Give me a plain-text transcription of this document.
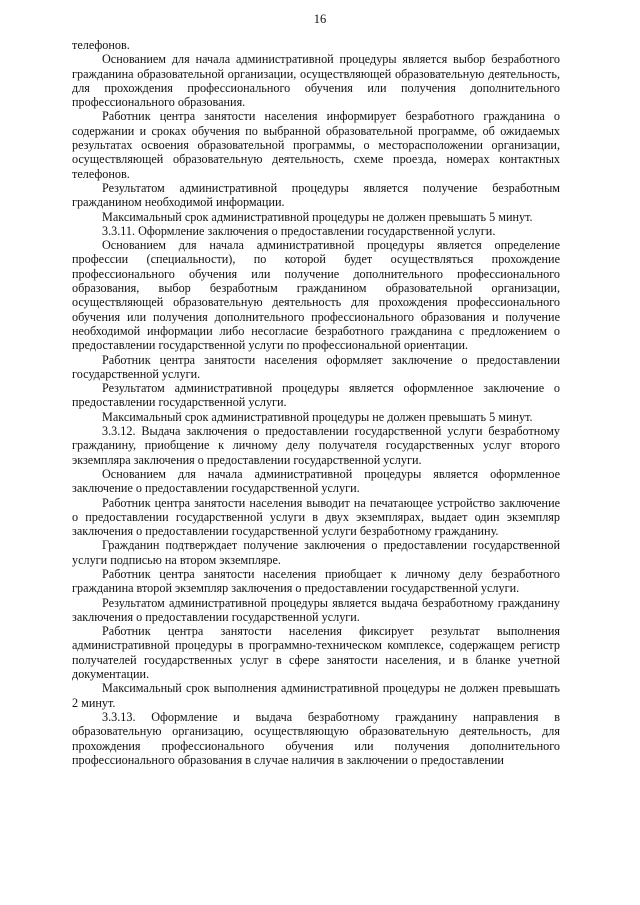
16

телефонов.

Основанием для начала административной процедуры является выбор безработного гражданина образовательной организации, осуществляющей образовательную деятельность, для прохождения профессионального обучения или получения дополнительного профессионального образования.

Работник центра занятости населения информирует безработного гражданина о содержании и сроках обучения по выбранной образовательной программе, об ожидаемых результатах освоения образовательной программы, о месторасположении организации, осуществляющей образовательную деятельность, схеме проезда, номерах контактных телефонов.

Результатом административной процедуры является получение безработным гражданином необходимой информации.

Максимальный срок административной процедуры не должен превышать 5 минут.

3.3.11. Оформление заключения о предоставлении государственной услуги.

Основанием для начала административной процедуры является определение профессии (специальности), по которой будет осуществляться прохождение профессионального обучения или получение дополнительного профессионального образования, выбор безработным гражданином образовательной организации, осуществляющей образовательную деятельность для прохождения профессионального обучения или получения дополнительного профессионального образования и получение необходимой информации либо несогласие безработного гражданина с предложением о предоставлении государственной услуги по профессиональной ориентации.

Работник центра занятости населения оформляет заключение о предоставлении государственной услуги.

Результатом административной процедуры является оформленное заключение о предоставлении государственной услуги.

Максимальный срок административной процедуры не должен превышать 5 минут.

3.3.12. Выдача заключения о предоставлении государственной услуги безработному гражданину, приобщение к личному делу получателя государственных услуг второго экземпляра заключения о предоставлении государственной услуги.

Основанием для начала административной процедуры является оформленное заключение о предоставлении государственной услуги.

Работник центра занятости населения выводит на печатающее устройство заключение о предоставлении государственной услуги в двух экземплярах, выдает один экземпляр заключения о предоставлении государственной услуги безработному гражданину.

Гражданин подтверждает получение заключения о предоставлении государственной услуги подписью на втором экземпляре.

Работник центра занятости населения приобщает к личному делу безработного гражданина второй экземпляр заключения о предоставлении государственной услуги.

Результатом административной процедуры является выдача безработному гражданину заключения о предоставлении государственной услуги.

Работник центра занятости населения фиксирует результат выполнения административной процедуры в программно-техническом комплексе, содержащем регистр получателей государственных услуг в сфере занятости населения, и в бланке учетной документации.

Максимальный срок выполнения административной процедуры не должен превышать 2 минут.

3.3.13. Оформление и выдача безработному гражданину направления в образовательную организацию, осуществляющую образовательную деятельность, для прохождения профессионального обучения или получения дополнительного профессионального образования в случае наличия в заключении о предоставлении
